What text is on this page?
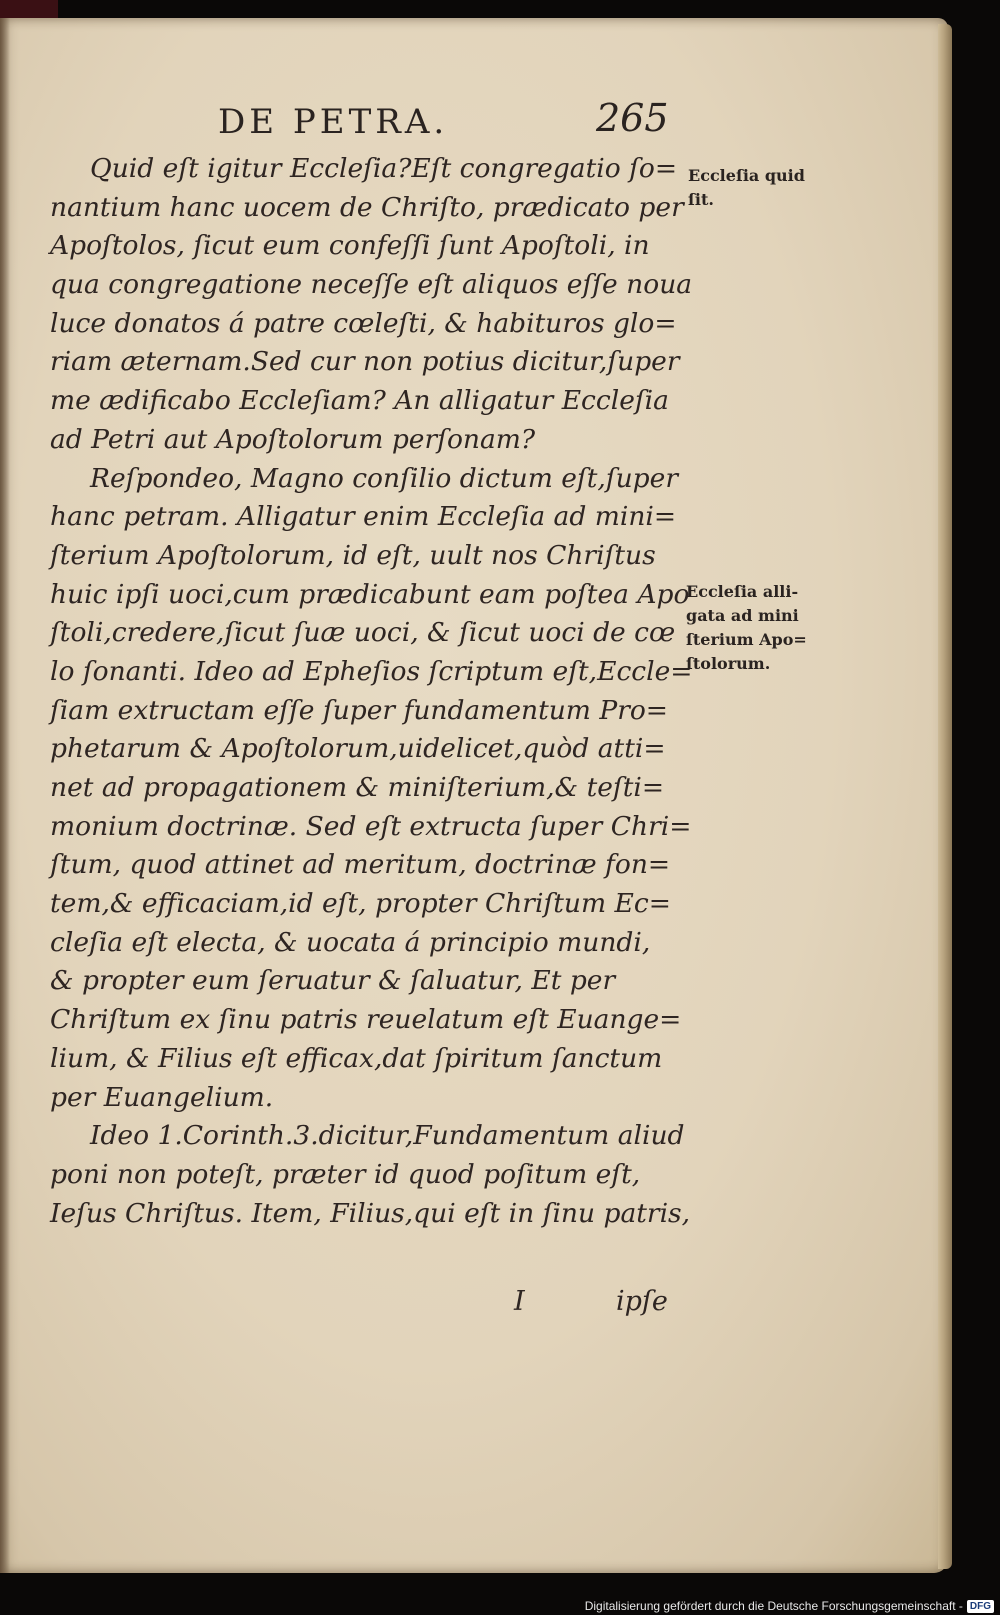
DE PETRA.	265
Quid eſt igitur Eccleſia?Eſt congregatio ſo=
nantium hanc uocem de Chriſto, prædicato per
Apoſtolos, ſicut eum confeſſi ſunt Apoſtoli, in
qua congregatione neceſſe eſt aliquos eſſe noua
luce donatos á patre cœleſti, & habituros glo=
riam æternam.Sed cur non potius dicitur,ſuper
me ædificabo Eccleſiam? An alligatur Eccleſia
ad Petri aut Apoſtolorum perſonam?
Reſpondeo, Magno conſilio dictum eſt,ſuper
hanc petram. Alligatur enim Eccleſia ad mini=
ſterium Apoſtolorum, id eſt, uult nos Chriſtus
huic ipſi uoci,cum prædicabunt eam poſtea Apo
ſtoli,credere,ſicut ſuæ uoci, & ſicut uoci de cœ
lo ſonanti. Ideo ad Epheſios ſcriptum eſt,Eccle=
ſiam extructam eſſe ſuper fundamentum Pro=
phetarum & Apoſtolorum,uidelicet,quòd atti=
net ad propagationem & miniſterium,& teſti=
monium doctrinæ. Sed eſt extructa ſuper Chri=
ſtum, quod attinet ad meritum, doctrinæ fon=
tem,& efficaciam,id eſt, propter Chriſtum Ec=
cleſia eſt electa, & uocata á principio mundi,
& propter eum ſeruatur & ſaluatur, Et per
Chriſtum ex ſinu patris reuelatum eſt Euange=
lium, & Filius eſt efficax,dat ſpiritum ſanctum
per Euangelium.
Ideo 1.Corinth.3.dicitur,Fundamentum aliud
poni non poteſt, præter id quod poſitum eſt,
Ieſus Chriſtus. Item, Filius,qui eſt in ſinu patris,
Eccleſia quid
ſit.
Eccleſia alli-
gata ad mini
ſterium Apo=
ſtolorum.
I	ipſe
Digitalisierung gefördert durch die Deutsche Forschungsgemeinschaft - DFG
